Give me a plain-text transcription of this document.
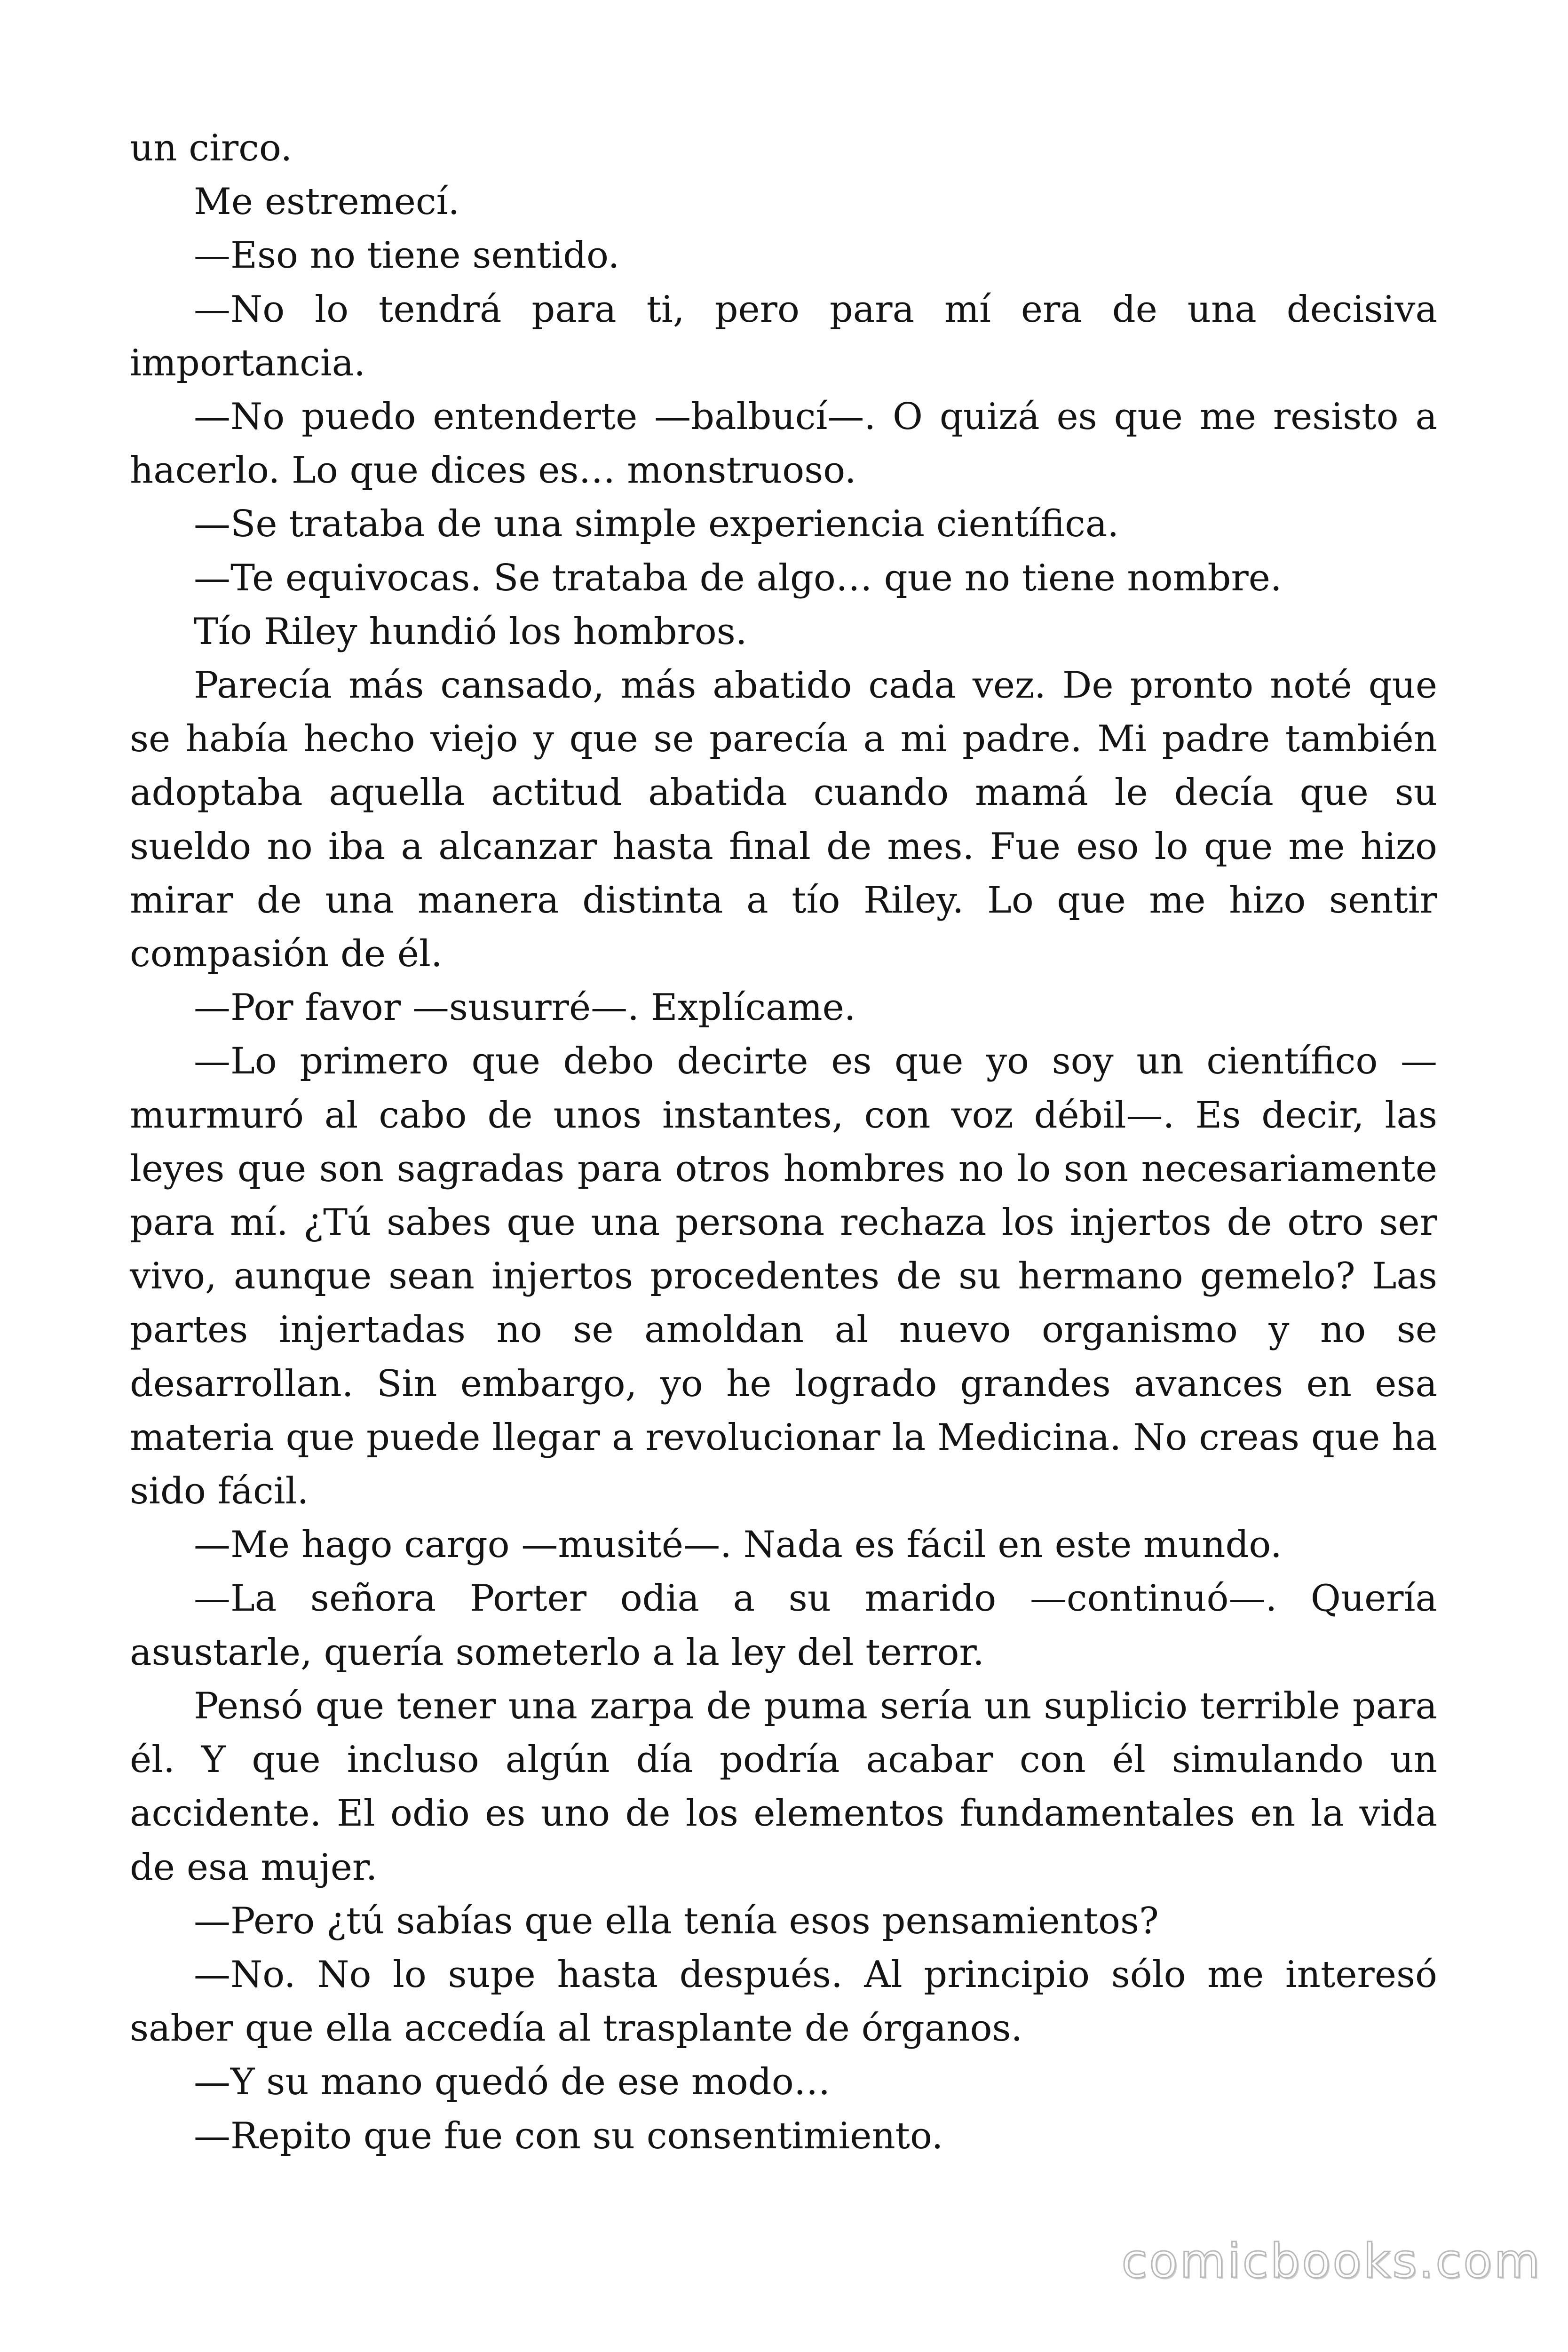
un circo.

Me estremecí.

—Eso no tiene sentido.

—No lo tendrá para ti, pero para mí era de una decisiva importancia.

—No puedo entenderte —balbucí—. O quizá es que me resisto a hacerlo. Lo que dices es… monstruoso.

—Se trataba de una simple experiencia científica.

—Te equivocas. Se trataba de algo… que no tiene nombre.

Tío Riley hundió los hombros.

Parecía más cansado, más abatido cada vez. De pronto noté que se había hecho viejo y que se parecía a mi padre. Mi padre también adoptaba aquella actitud abatida cuando mamá le decía que su sueldo no iba a alcanzar hasta final de mes. Fue eso lo que me hizo mirar de una manera distinta a tío Riley. Lo que me hizo sentir compasión de él.

—Por favor —susurré—. Explícame.

—Lo primero que debo decirte es que yo soy un científico —murmuró al cabo de unos instantes, con voz débil—. Es decir, las leyes que son sagradas para otros hombres no lo son necesariamente para mí. ¿Tú sabes que una persona rechaza los injertos de otro ser vivo, aunque sean injertos procedentes de su hermano gemelo? Las partes injertadas no se amoldan al nuevo organismo y no se desarrollan. Sin embargo, yo he logrado grandes avances en esa materia que puede llegar a revolucionar la Medicina. No creas que ha sido fácil.

—Me hago cargo —musité—. Nada es fácil en este mundo.

—La señora Porter odia a su marido —continuó—. Quería asustarle, quería someterlo a la ley del terror.

Pensó que tener una zarpa de puma sería un suplicio terrible para él. Y que incluso algún día podría acabar con él simulando un accidente. El odio es uno de los elementos fundamentales en la vida de esa mujer.

—Pero ¿tú sabías que ella tenía esos pensamientos?

—No. No lo supe hasta después. Al principio sólo me interesó saber que ella accedía al trasplante de órganos.

—Y su mano quedó de ese modo…

—Repito que fue con su consentimiento.

comicbooks.com
